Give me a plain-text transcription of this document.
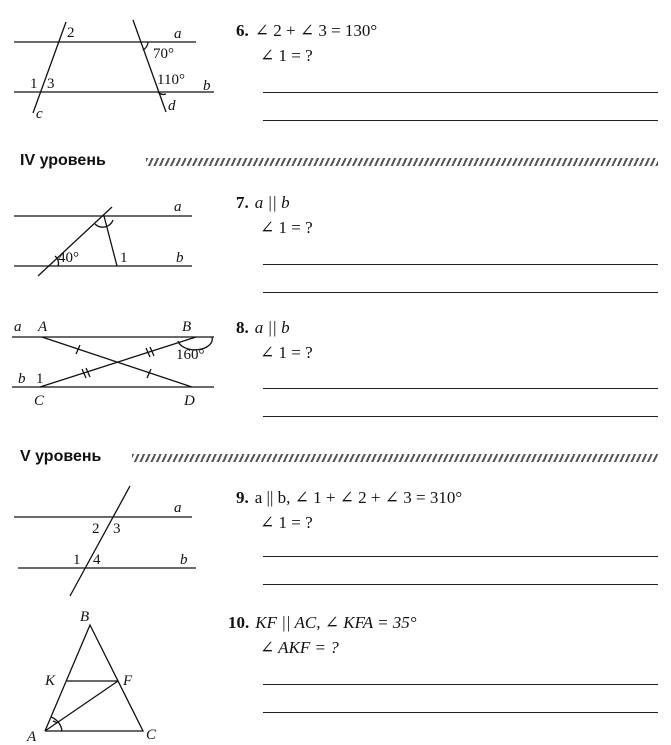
2	a
70°
110° b
1 3
c	d
6. ∠ 2 + ∠ 3 = 130°
∠ 1 = ?
IV уровень
a
40°	1	b
7. a || b
∠ 1 = ?
a A	B
160°
b 1
C	D
8. a || b
∠ 1 = ?
V уровень
a
2 3
1 4	b
9. a || b, ∠ 1 + ∠ 2 + ∠ 3 = 310°
∠ 1 = ?
B
K	F
A	C
10. KF || AC, ∠ KFA = 35°
∠ AKF = ?
